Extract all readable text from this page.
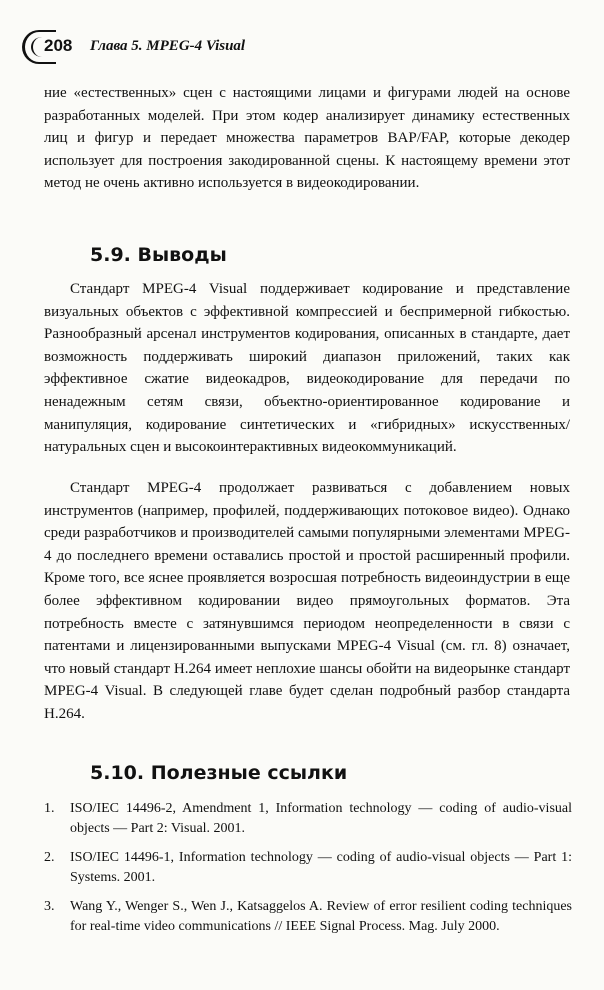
208 Глава 5. MPEG-4 Visual

ние «естественных» сцен с настоящими лицами и фигурами людей на основе разработанных моделей. При этом кодер анализирует динамику естественных лиц и фигур и передает множества параметров BAP/FAP, которые декодер использует для построения закодированной сцены. К настоящему времени этот метод не очень активно используется в видеокодировании.

5.9. Выводы

Стандарт MPEG-4 Visual поддерживает кодирование и представление визуальных объектов с эффективной компрессией и беспримерной гибкостью. Разнообразный арсенал инструментов кодирования, описанных в стандарте, дает возможность поддерживать широкий диапазон приложений, таких как эффективное сжатие видеокадров, видеокодирование для передачи по ненадежным сетям связи, объектно-ориентированное кодирование и манипуляция, кодирование синтетических и «гибридных» искусственных/натуральных сцен и высокоинтерактивных видеокоммуникаций.

Стандарт MPEG-4 продолжает развиваться с добавлением новых инструментов (например, профилей, поддерживающих потоковое видео). Однако среди разработчиков и производителей самыми популярными элементами MPEG-4 до последнего времени оставались простой и простой расширенный профили. Кроме того, все яснее проявляется возросшая потребность видеоиндустрии в еще более эффективном кодировании видео прямоугольных форматов. Эта потребность вместе с затянувшимся периодом неопределенности в связи с патентами и лицензированными выпусками MPEG-4 Visual (см. гл. 8) означает, что новый стандарт H.264 имеет неплохие шансы обойти на видеорынке стандарт MPEG-4 Visual. В следующей главе будет сделан подробный разбор стандарта H.264.

5.10. Полезные ссылки
1. ISO/IEC 14496-2, Amendment 1, Information technology — coding of audio-visual objects — Part 2: Visual. 2001.
2. ISO/IEC 14496-1, Information technology — coding of audio-visual objects — Part 1: Systems. 2001.
3. Wang Y., Wenger S., Wen J., Katsaggelos A. Review of error resilient coding techniques for real-time video communications // IEEE Signal Process. Mag. July 2000.
